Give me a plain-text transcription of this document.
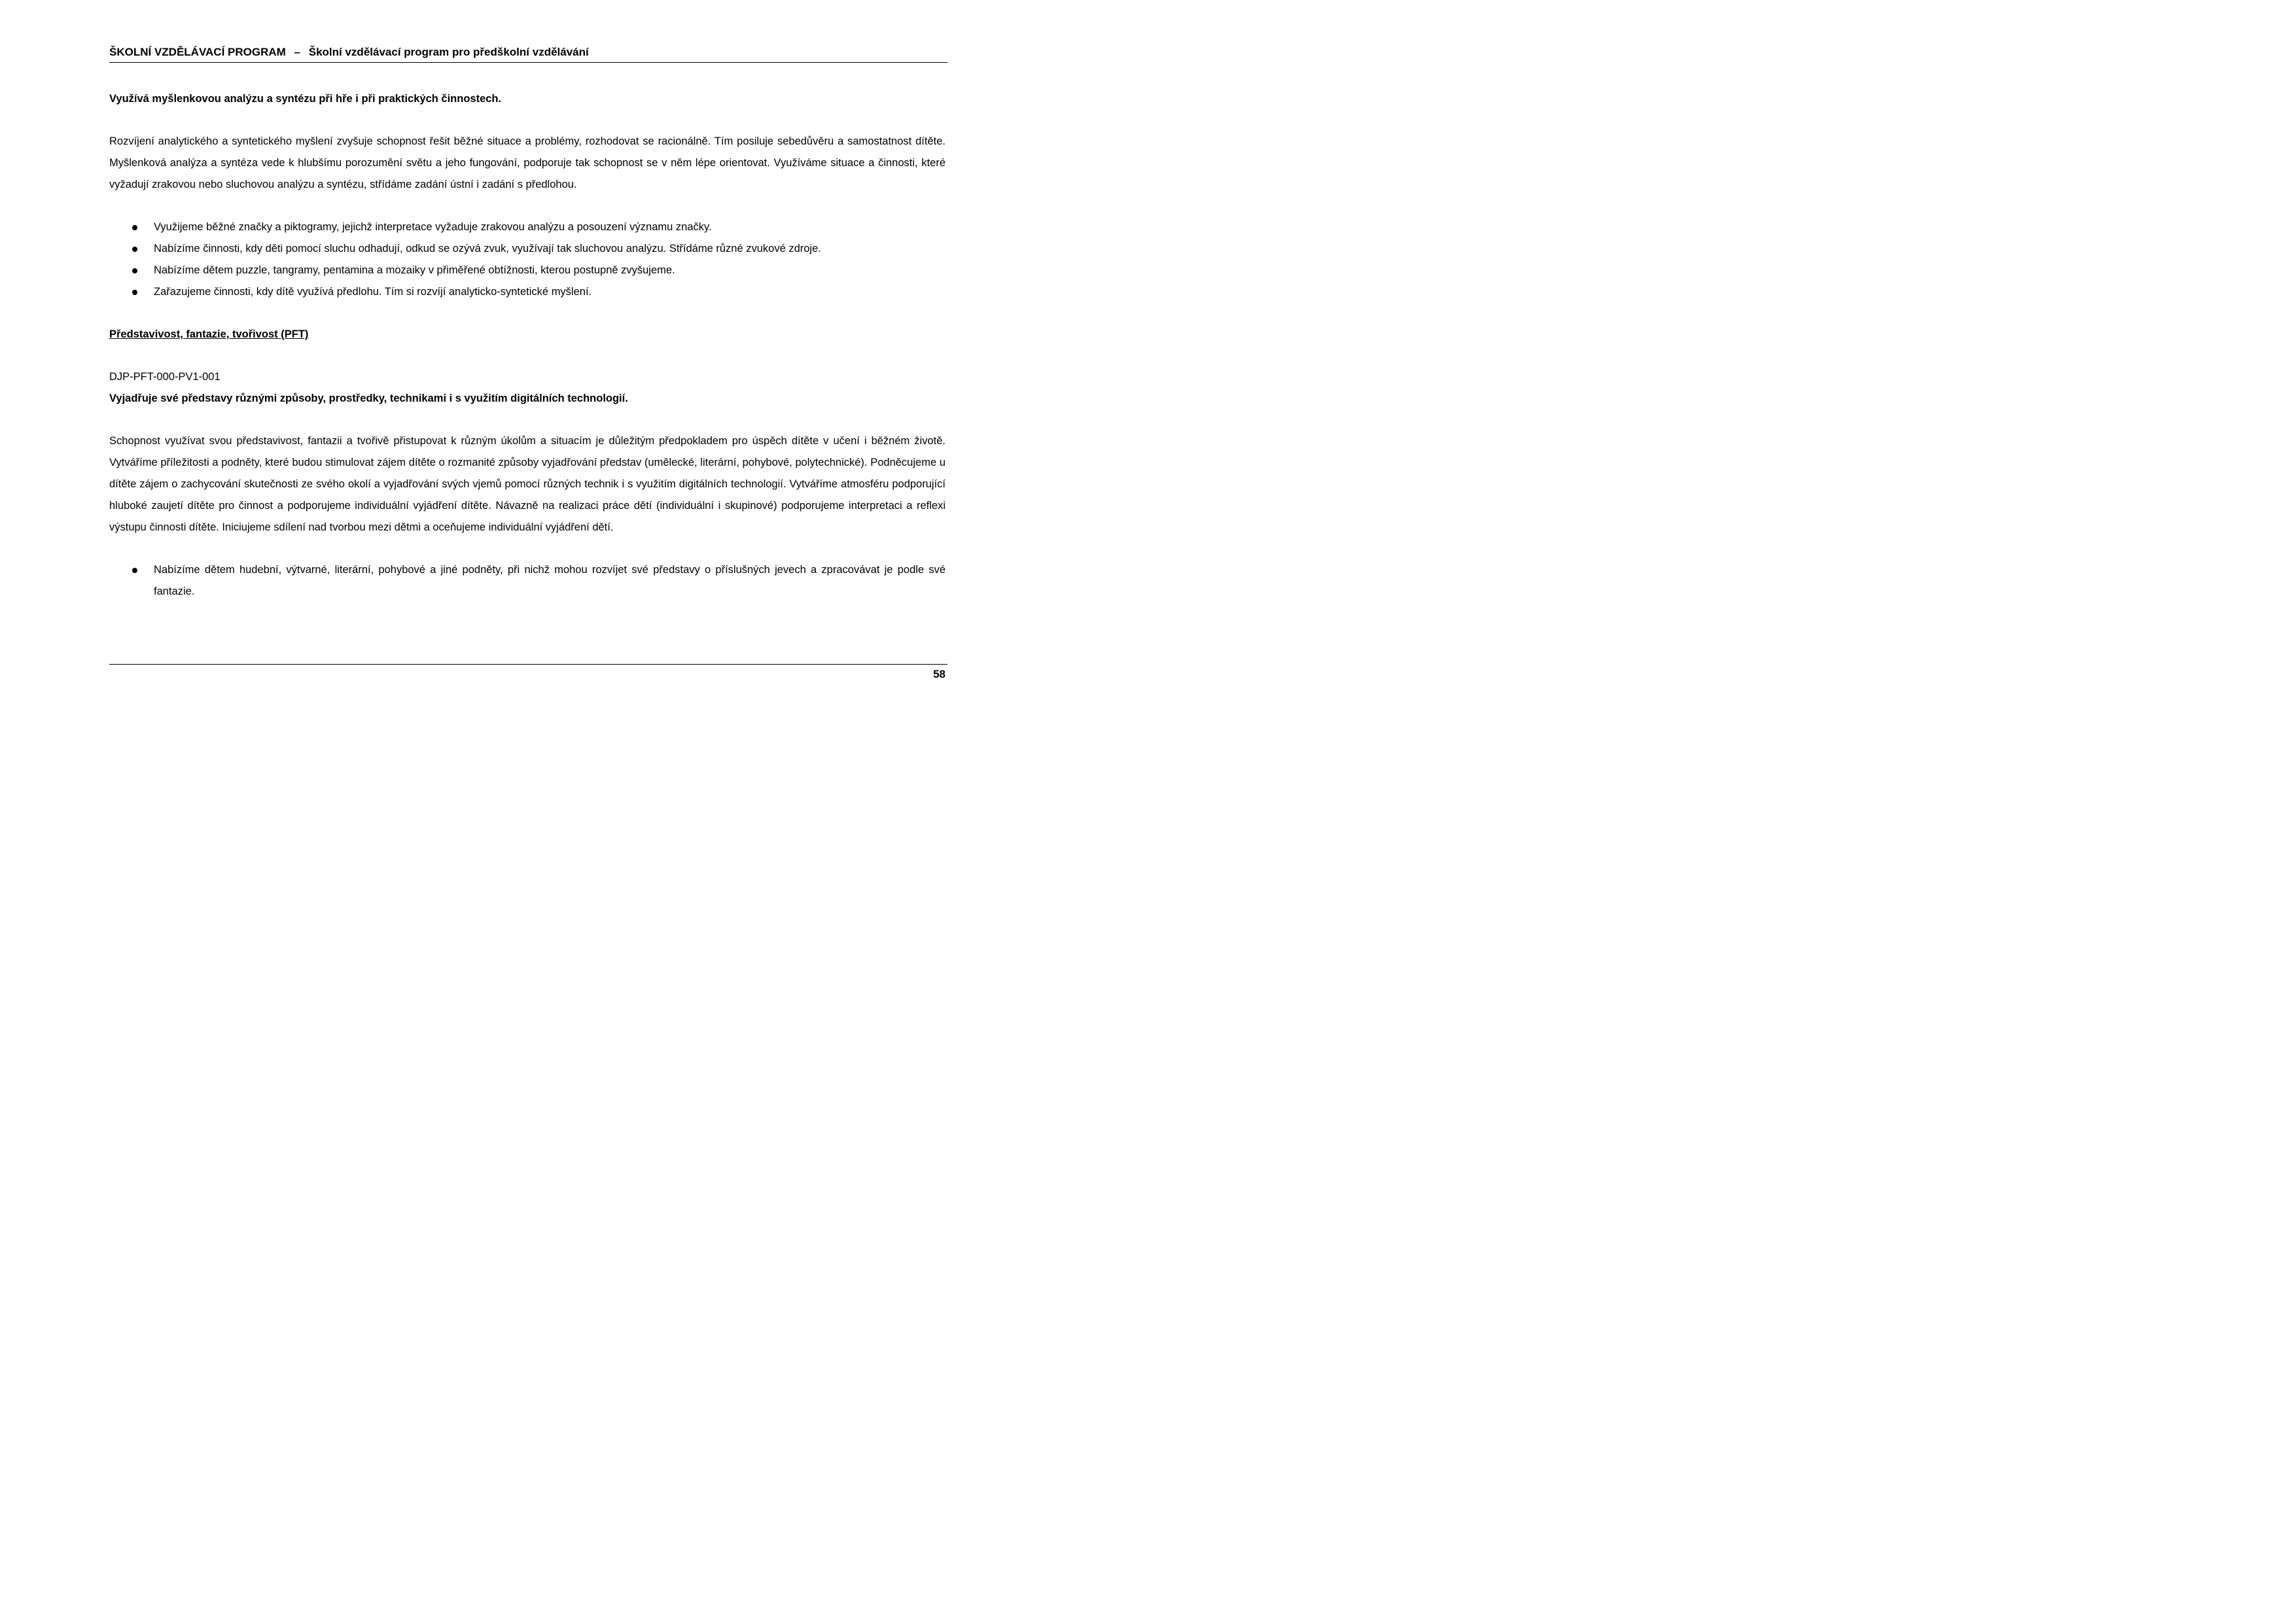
ŠKOLNÍ VZDĚLÁVACÍ PROGRAM – Školní vzdělávací program pro předškolní vzdělávání

Využívá myšlenkovou analýzu a syntézu při hře i při praktických činnostech.

Rozvíjení analytického a syntetického myšlení zvyšuje schopnost řešit běžné situace a problémy, rozhodovat se racionálně. Tím posiluje sebedůvěru a samostatnost dítěte. Myšlenková analýza a syntéza vede k hlubšímu porozumění světu a jeho fungování, podporuje tak schopnost se v něm lépe orientovat. Využíváme situace a činnosti, které vyžadují zrakovou nebo sluchovou analýzu a syntézu, střídáme zadání ústní i zadání s předlohou.

Využijeme běžné značky a piktogramy, jejichž interpretace vyžaduje zrakovou analýzu a posouzení významu značky.
Nabízíme činnosti, kdy děti pomocí sluchu odhadují, odkud se ozývá zvuk, využívají tak sluchovou analýzu. Střídáme různé zvukové zdroje.
Nabízíme dětem puzzle, tangramy, pentamina a mozaiky v přiměřené obtížnosti, kterou postupně zvyšujeme.
Zařazujeme činnosti, kdy dítě využívá předlohu. Tím si rozvíjí analyticko-syntetické myšlení.

Představivost, fantazie, tvořivost (PFT)

DJP-PFT-000-PV1-001

Vyjadřuje své představy různými způsoby, prostředky, technikami i s využitím digitálních technologií.

Schopnost využívat svou představivost, fantazii a tvořivě přistupovat k různým úkolům a situacím je důležitým předpokladem pro úspěch dítěte v učení i běžném životě. Vytváříme příležitosti a podněty, které budou stimulovat zájem dítěte o rozmanité způsoby vyjadřování představ (umělecké, literární, pohybové, polytechnické). Podněcujeme u dítěte zájem o zachycování skutečnosti ze svého okolí a vyjadřování svých vjemů pomocí různých technik i s využitím digitálních technologií. Vytváříme atmosféru podporující hluboké zaujetí dítěte pro činnost a podporujeme individuální vyjádření dítěte. Návazně na realizaci práce dětí (individuální i skupinové) podporujeme interpretaci a reflexi výstupu činnosti dítěte. Iniciujeme sdílení nad tvorbou mezi dětmi a oceňujeme individuální vyjádření dětí.

Nabízíme dětem hudební, výtvarné, literární, pohybové a jiné podněty, při nichž mohou rozvíjet své představy o příslušných jevech a zpracovávat je podle své fantazie.
58
